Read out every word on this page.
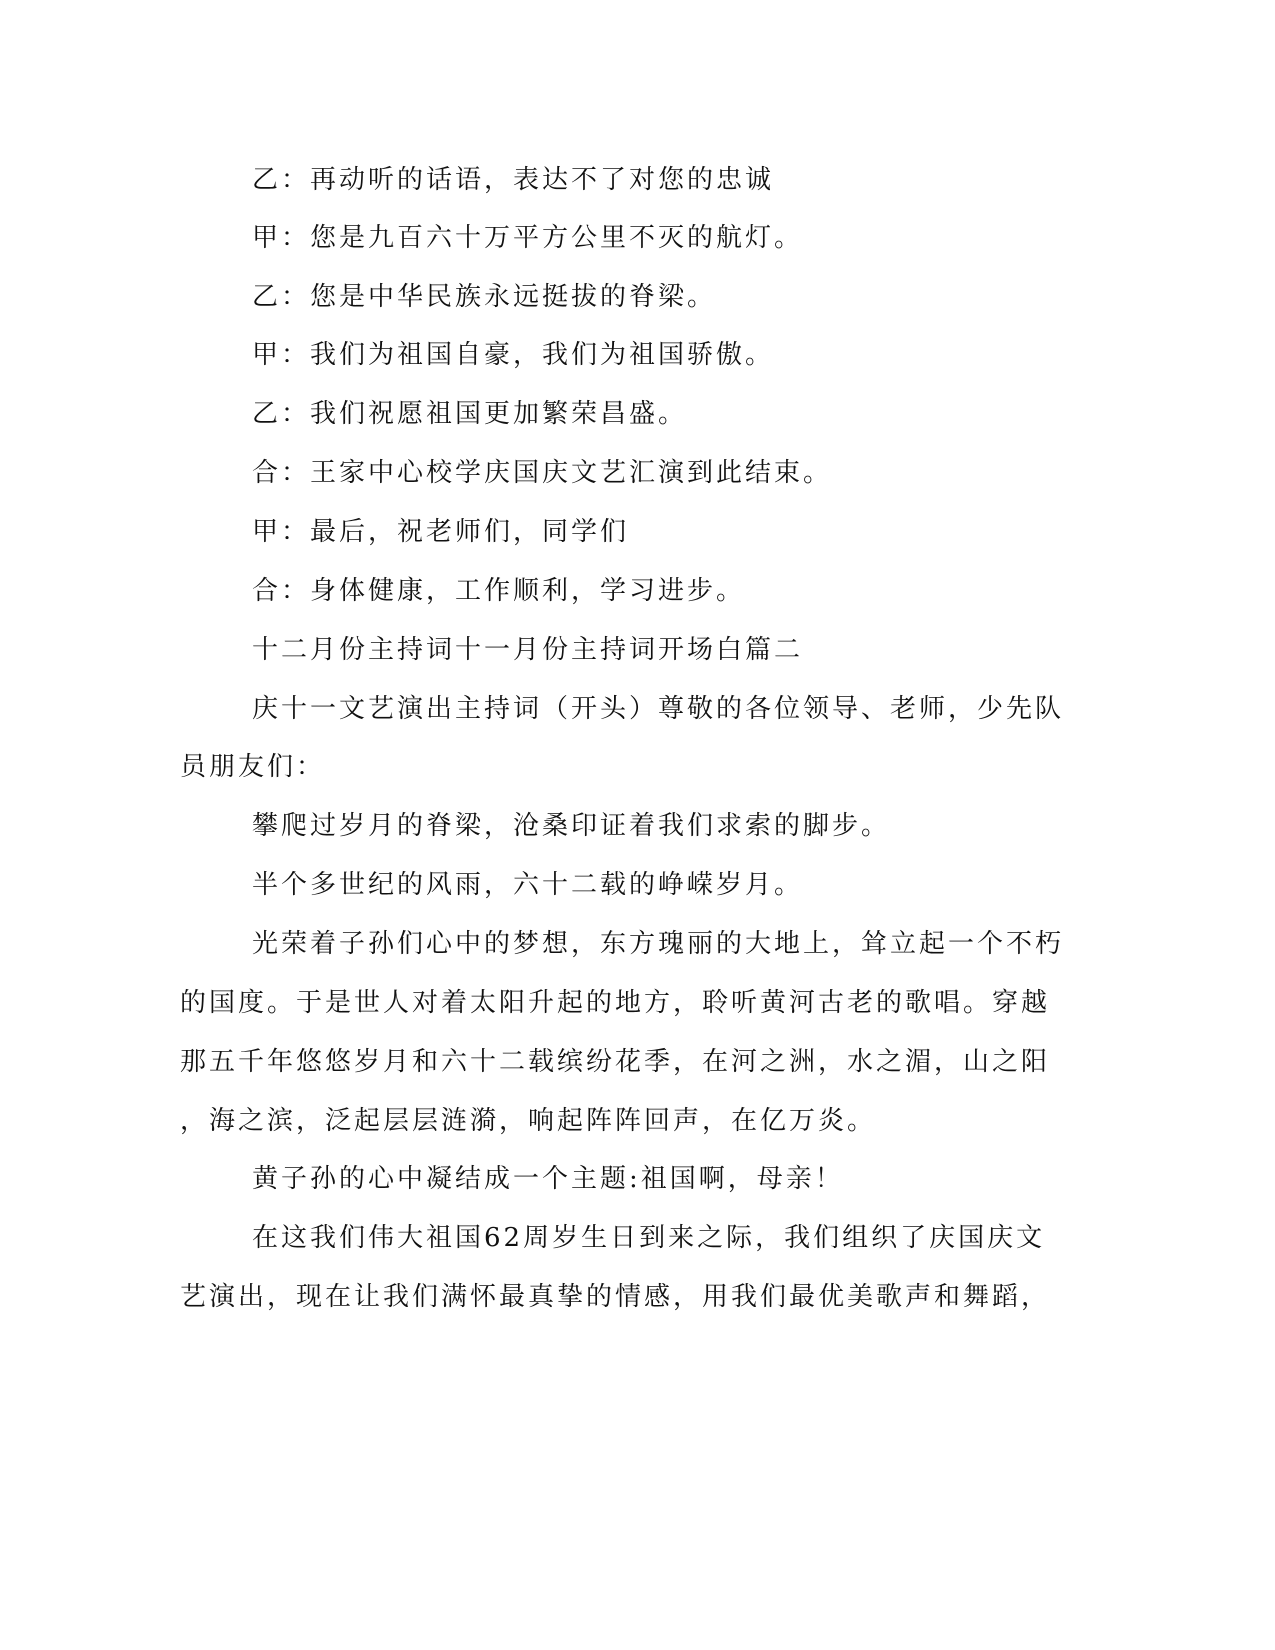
乙：再动听的话语，表达不了对您的忠诚
甲：您是九百六十万平方公里不灭的航灯。
乙：您是中华民族永远挺拔的脊梁。
甲：我们为祖国自豪，我们为祖国骄傲。
乙：我们祝愿祖国更加繁荣昌盛。
合：王家中心校学庆国庆文艺汇演到此结束。
甲：最后，祝老师们，同学们
合：身体健康，工作顺利，学习进步。
十二月份主持词十一月份主持词开场白篇二
庆十一文艺演出主持词（开头）尊敬的各位领导、老师，少先队
员朋友们：
攀爬过岁月的脊梁，沧桑印证着我们求索的脚步。
半个多世纪的风雨，六十二载的峥嵘岁月。
光荣着子孙们心中的梦想，东方瑰丽的大地上，耸立起一个不朽
的国度。于是世人对着太阳升起的地方，聆听黄河古老的歌唱。穿越
那五千年悠悠岁月和六十二载缤纷花季，在河之洲，水之湄，山之阳
，海之滨，泛起层层涟漪，响起阵阵回声，在亿万炎。
黄子孙的心中凝结成一个主题:祖国啊，母亲！
在这我们伟大祖国62周岁生日到来之际，我们组织了庆国庆文
艺演出，现在让我们满怀最真挚的情感，用我们最优美歌声和舞蹈，
